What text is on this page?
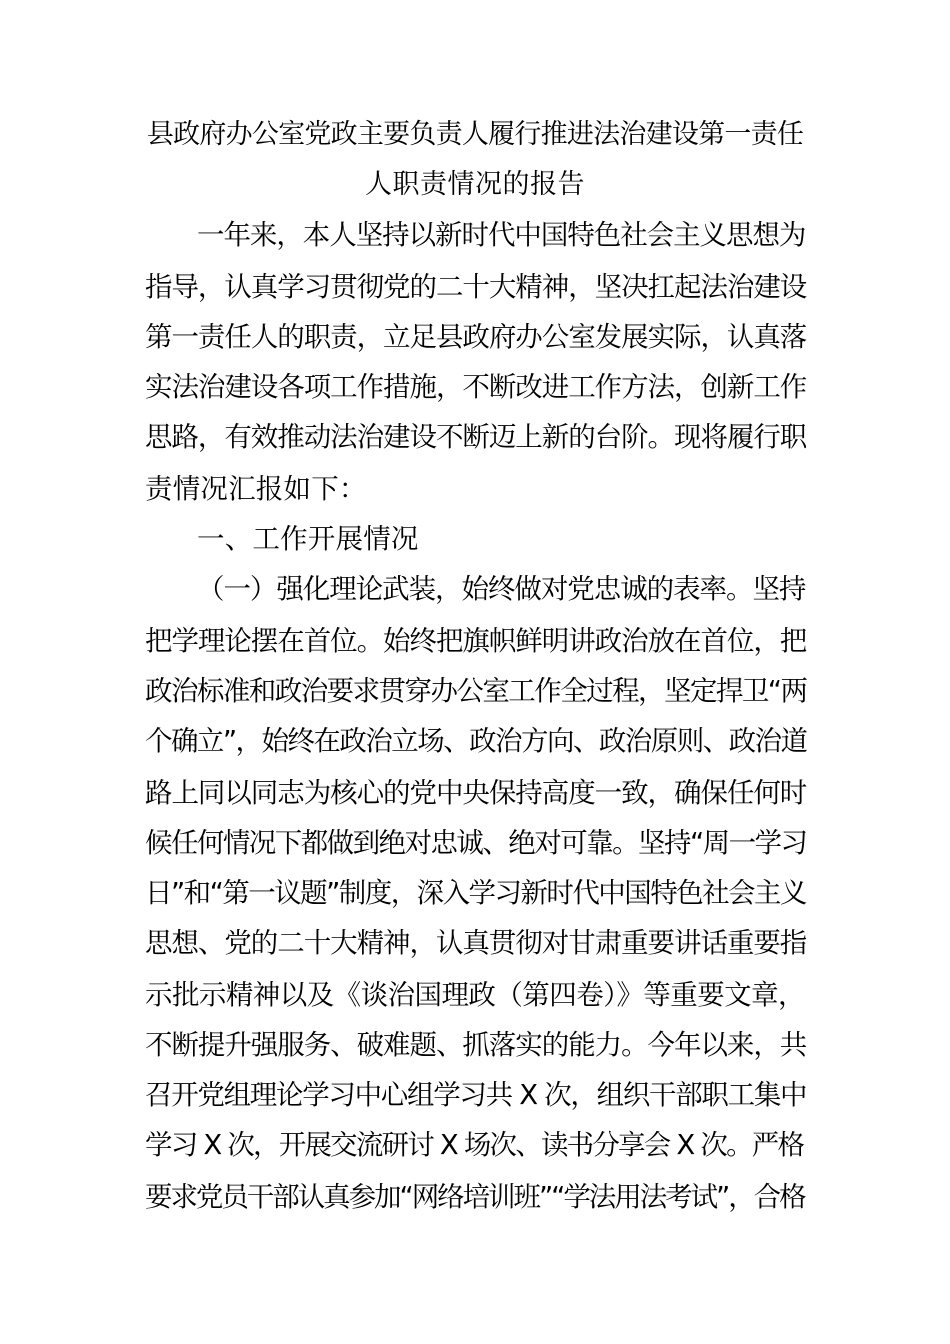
县政府办公室党政主要负责人履行推进法治建设第一责任
人职责情况的报告
一年来，本人坚持以新时代中国特色社会主义思想为
指导，认真学习贯彻党的二十大精神，坚决扛起法治建设
第一责任人的职责，立足县政府办公室发展实际，认真落
实法治建设各项工作措施，不断改进工作方法，创新工作
思路，有效推动法治建设不断迈上新的台阶。现将履行职
责情况汇报如下：
一、工作开展情况
（一）强化理论武装，始终做对党忠诚的表率。坚持
把学理论摆在首位。始终把旗帜鲜明讲政治放在首位，把
政治标准和政治要求贯穿办公室工作全过程，坚定捍卫“两
个确立”，始终在政治立场、政治方向、政治原则、政治道
路上同以同志为核心的党中央保持高度一致，确保任何时
候任何情况下都做到绝对忠诚、绝对可靠。坚持“周一学习
日”和“第一议题”制度，深入学习新时代中国特色社会主义
思想、党的二十大精神，认真贯彻对甘肃重要讲话重要指
示批示精神以及《谈治国理政（第四卷）》等重要文章，
不断提升强服务、破难题、抓落实的能力。今年以来，共
召开党组理论学习中心组学习共 X 次，组织干部职工集中
学习 X 次，开展交流研讨 X 场次、读书分享会 X 次。严格
要求党员干部认真参加“网络培训班”“学法用法考试”，合格
